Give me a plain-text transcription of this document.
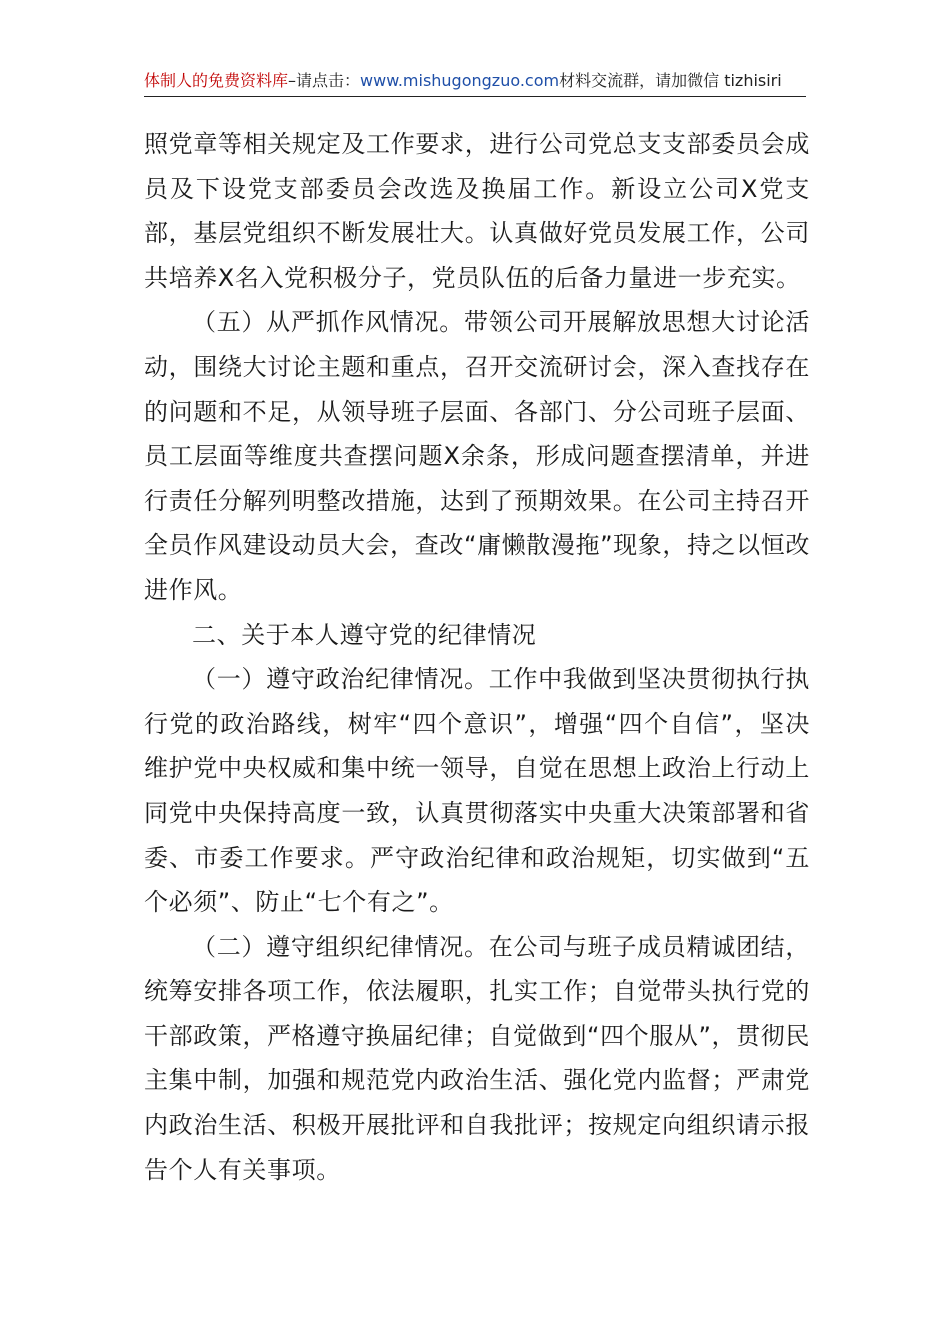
体制人的免费资料库–请点击：www.mishugongzuo.com材料交流群，请加微信 tizhisiri

照党章等相关规定及工作要求，进行公司党总支支部委员会成员及下设党支部委员会改选及换届工作。新设立公司Ⅹ党支部，基层党组织不断发展壮大。认真做好党员发展工作，公司共培养Ⅹ名入党积极分子，党员队伍的后备力量进一步充实。

（五）从严抓作风情况。带领公司开展解放思想大讨论活动，围绕大讨论主题和重点，召开交流研讨会，深入查找存在的问题和不足，从领导班子层面、各部门、分公司班子层面、员工层面等维度共查摆问题Ⅹ余条，形成问题查摆清单，并进行责任分解列明整改措施，达到了预期效果。在公司主持召开全员作风建设动员大会，查改“庸懒散漫拖”现象，持之以恒改进作风。

二、关于本人遵守党的纪律情况

（一）遵守政治纪律情况。工作中我做到坚决贯彻执行执行党的政治路线，树牢“四个意识”，增强“四个自信”，坚决维护党中央权威和集中统一领导，自觉在思想上政治上行动上同党中央保持高度一致，认真贯彻落实中央重大决策部署和省委、市委工作要求。严守政治纪律和政治规矩，切实做到“五个必须”、防止“七个有之”。

（二）遵守组织纪律情况。在公司与班子成员精诚团结，统筹安排各项工作，依法履职，扎实工作；自觉带头执行党的干部政策，严格遵守换届纪律；自觉做到“四个服从”，贯彻民主集中制，加强和规范党内政治生活、强化党内监督；严肃党内政治生活、积极开展批评和自我批评；按规定向组织请示报告个人有关事项。
